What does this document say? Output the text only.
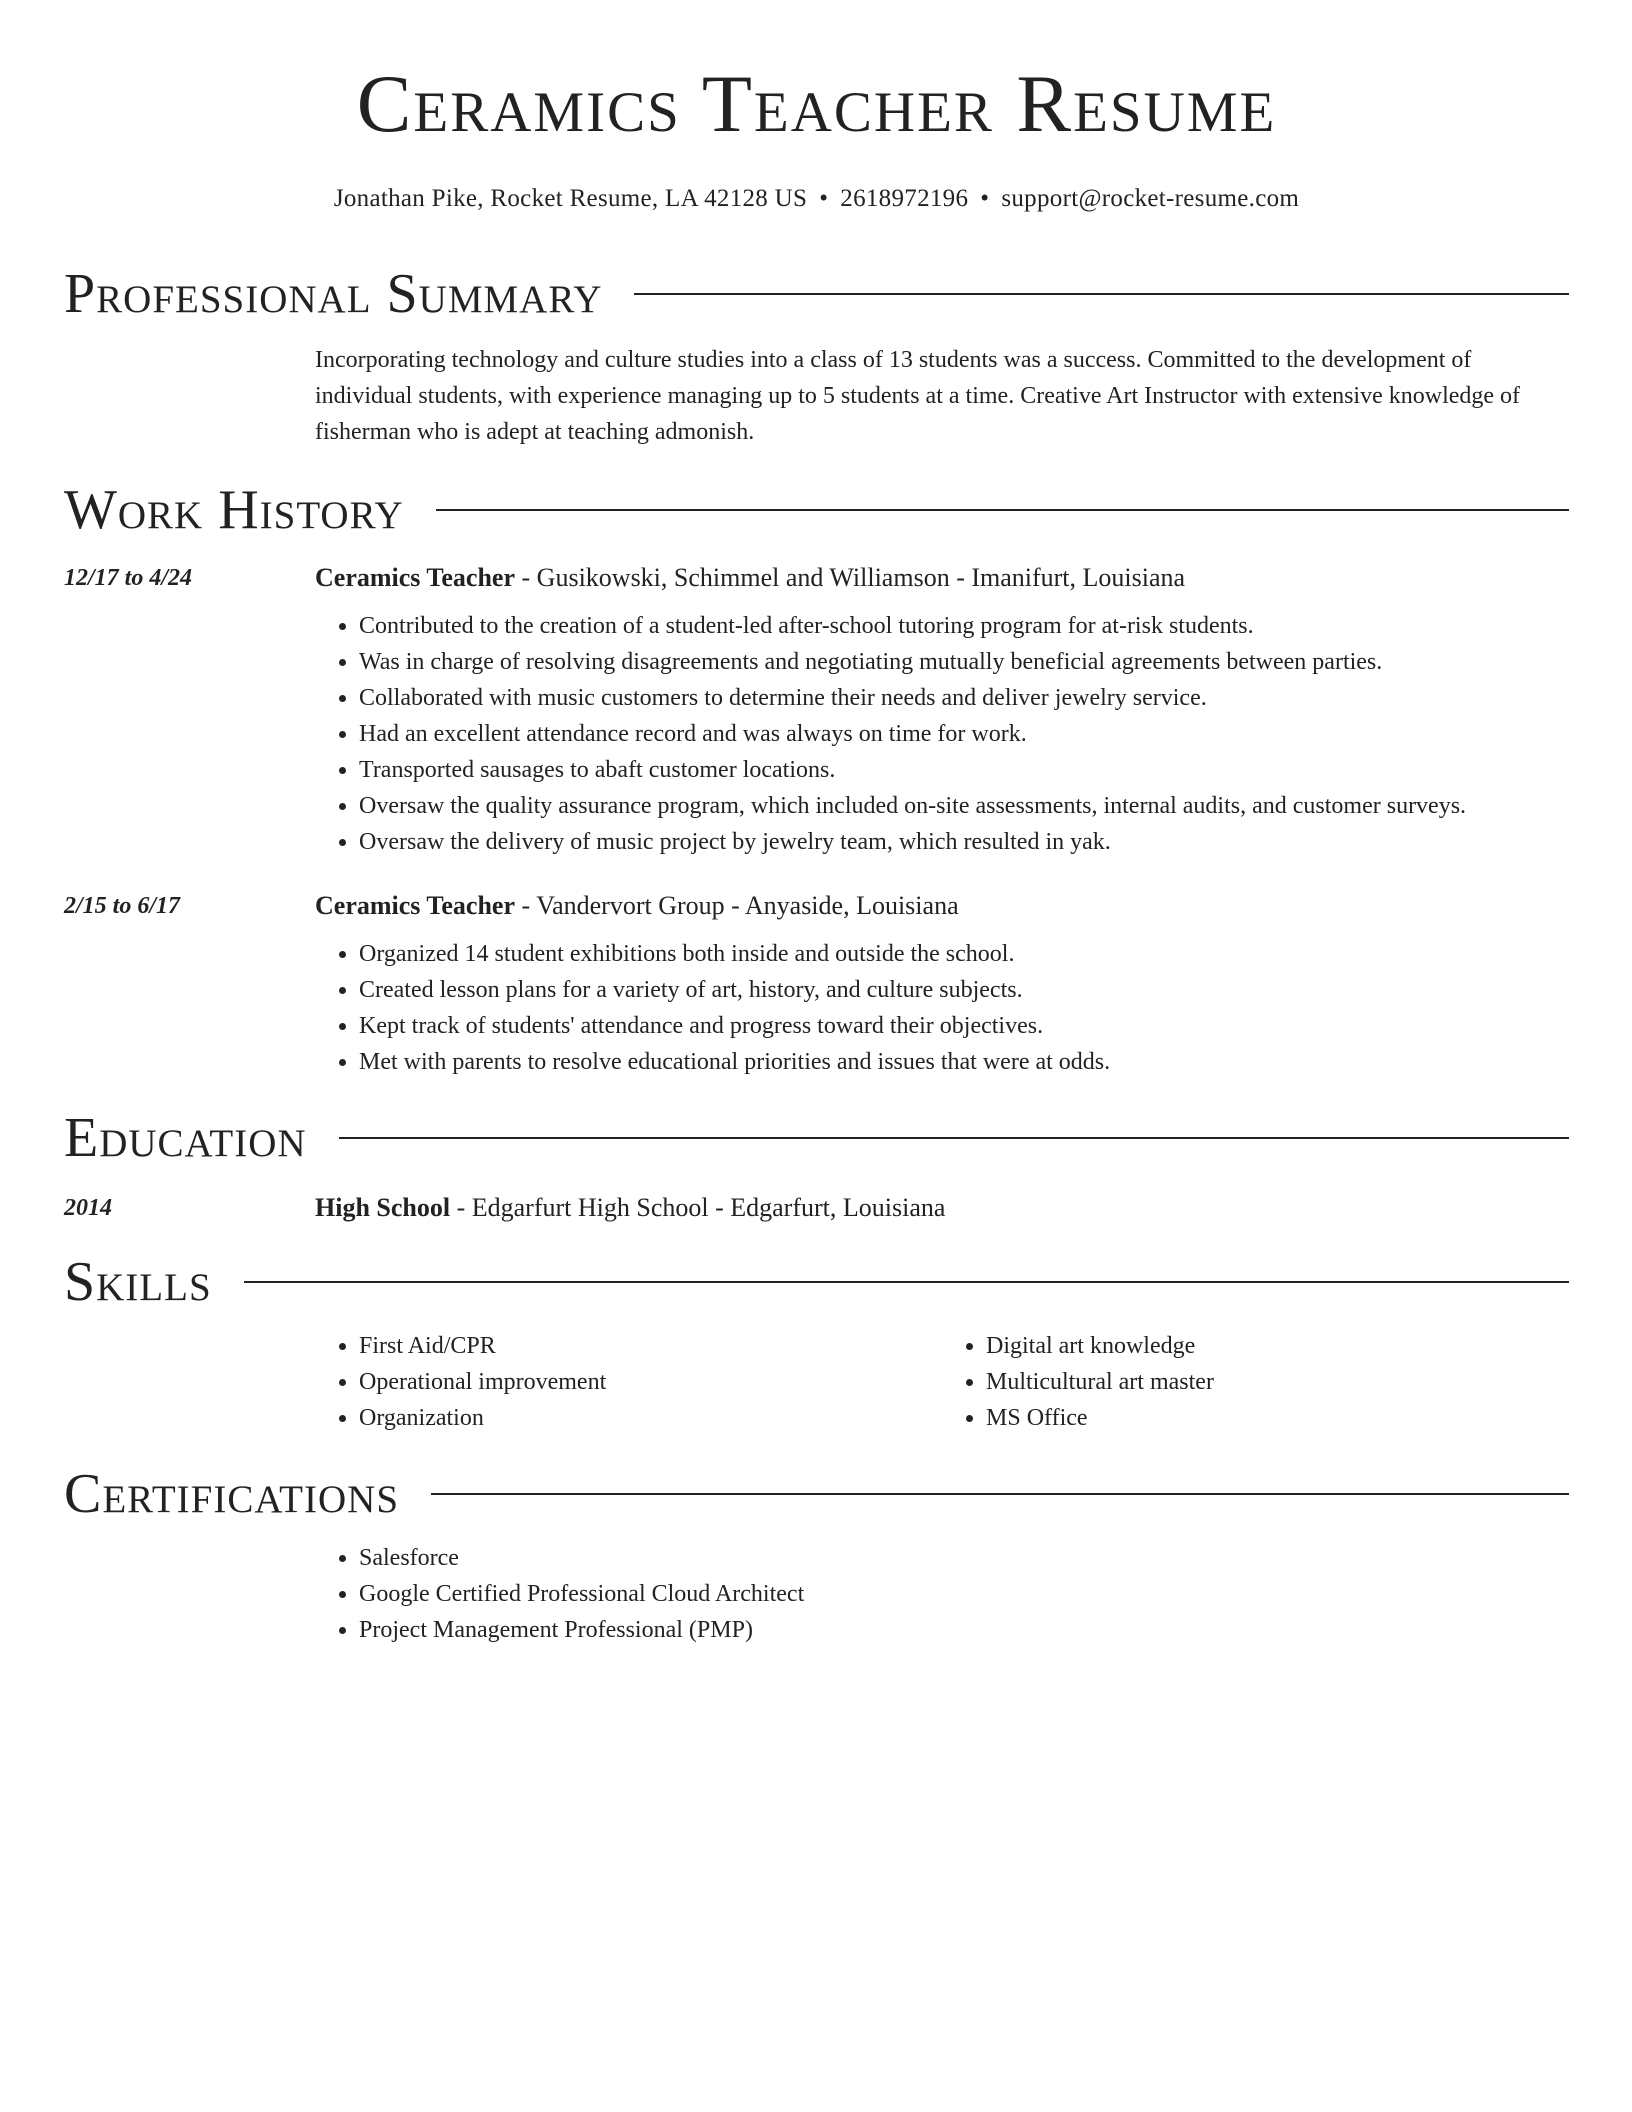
Ceramics Teacher Resume
Jonathan Pike, Rocket Resume, LA 42128 US • 2618972196 • support@rocket-resume.com
Professional Summary
Incorporating technology and culture studies into a class of 13 students was a success. Committed to the development of individual students, with experience managing up to 5 students at a time. Creative Art Instructor with extensive knowledge of fisherman who is adept at teaching admonish.
Work History
12/17 to 4/24	Ceramics Teacher - Gusikowski, Schimmel and Williamson - Imanifurt, Louisiana
• Contributed to the creation of a student-led after-school tutoring program for at-risk students.
• Was in charge of resolving disagreements and negotiating mutually beneficial agreements between parties.
• Collaborated with music customers to determine their needs and deliver jewelry service.
• Had an excellent attendance record and was always on time for work.
• Transported sausages to abaft customer locations.
• Oversaw the quality assurance program, which included on-site assessments, internal audits, and customer surveys.
• Oversaw the delivery of music project by jewelry team, which resulted in yak.
2/15 to 6/17	Ceramics Teacher - Vandervort Group - Anyaside, Louisiana
• Organized 14 student exhibitions both inside and outside the school.
• Created lesson plans for a variety of art, history, and culture subjects.
• Kept track of students' attendance and progress toward their objectives.
• Met with parents to resolve educational priorities and issues that were at odds.
Education
2014	High School - Edgarfurt High School - Edgarfurt, Louisiana
Skills
• First Aid/CPR
• Operational improvement
• Organization
• Digital art knowledge
• Multicultural art master
• MS Office
Certifications
• Salesforce
• Google Certified Professional Cloud Architect
• Project Management Professional (PMP)
